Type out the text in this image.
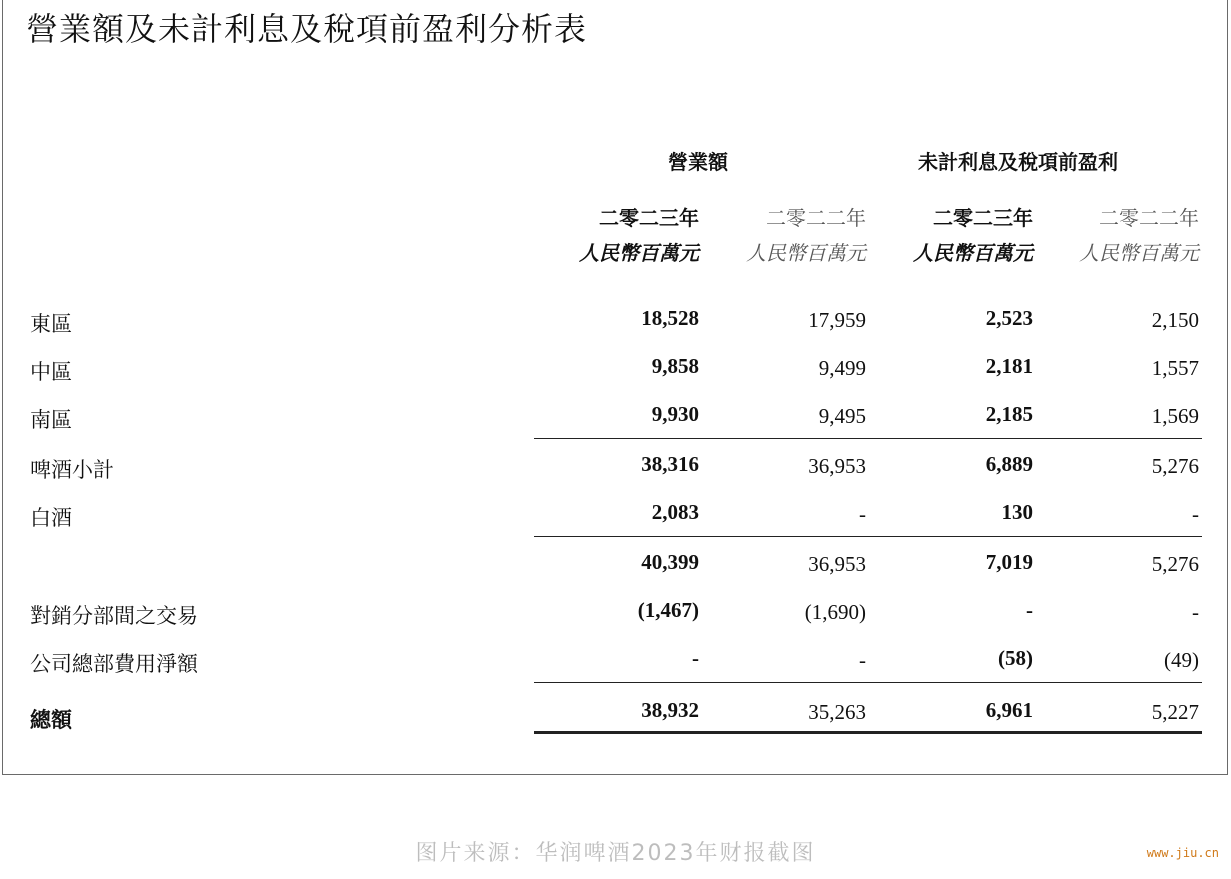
營業額及未計利息及稅項前盈利分析表
營業額	未計利息及稅項前盈利
二零二三年	二零二二年	二零二三年	二零二二年
人民幣百萬元 人民幣百萬元 人民幣百萬元 人民幣百萬元
東區	18,528	17,959	2,523	2,150
中區	9,858	9,499	2,181	1,557
南區	9,930	9,495	2,185	1,569
啤酒小計	38,316	36,953	6,889	5,276
白酒	2,083	-	130	-
40,399	36,953	7,019	5,276
對銷分部間之交易	(1,467)	(1,690)	-	-
公司總部費用淨額	-	-	(58)	(49)
總額	38,932	35,263	6,961	5,227
图片来源：华润啤酒2023年财报截图	www.jiu.cn
